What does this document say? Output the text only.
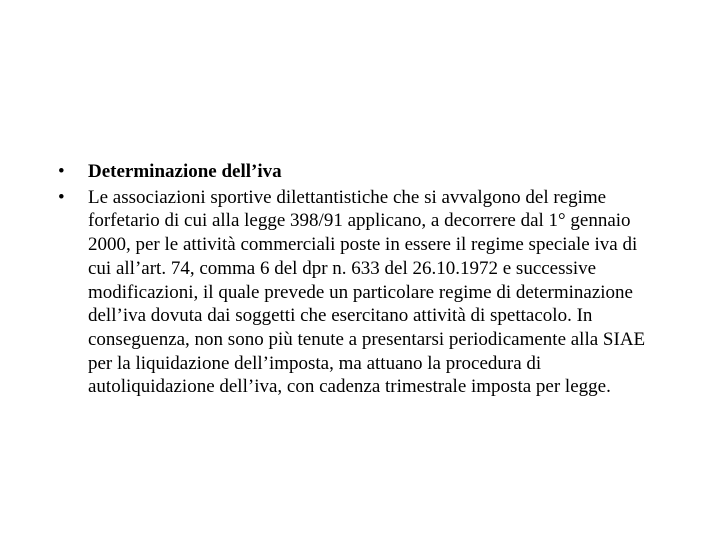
•	Determinazione dell’iva
•	Le associazioni sportive dilettantistiche che si avvalgono del regime forfetario di cui alla legge 398/91 applicano, a decorrere dal 1° gennaio 2000, per le attività commerciali poste in essere il regime speciale iva di cui all’art. 74, comma 6 del dpr n. 633 del 26.10.1972 e successive modificazioni, il quale prevede un particolare regime di determinazione dell’iva dovuta dai soggetti che esercitano attività di spettacolo. In conseguenza, non sono più tenute a presentarsi periodicamente alla SIAE per la liquidazione dell’imposta, ma attuano la procedura di autoliquidazione dell’iva, con cadenza trimestrale imposta per legge.
